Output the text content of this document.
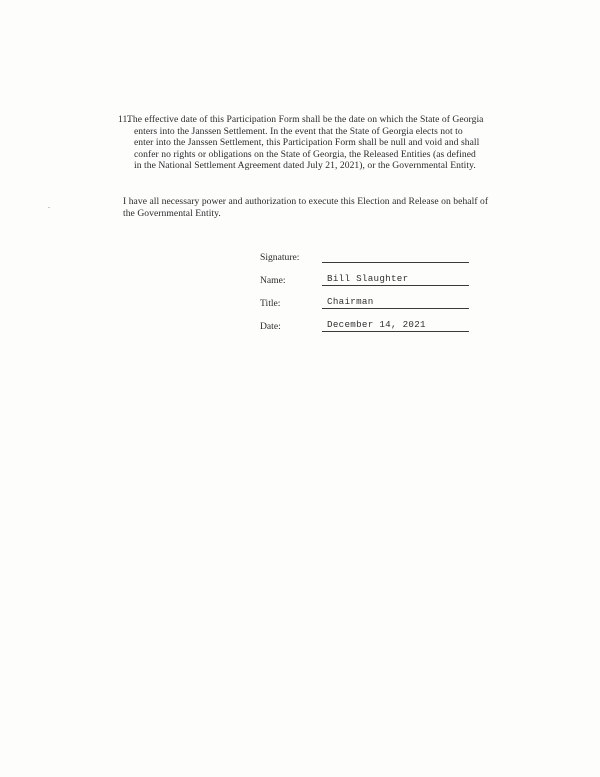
11.
The effective date of this Participation Form shall be the date on which the State of Georgia
enters into the Janssen Settlement. In the event that the State of Georgia elects not to
enter into the Janssen Settlement, this Participation Form shall be null and void and shall
confer no rights or obligations on the State of Georgia, the Released Entities (as defined
in the National Settlement Agreement dated July 21, 2021), or the Governmental Entity.
I have all necessary power and authorization to execute this Election and Release on behalf of
the Governmental Entity.
Signature:
Name:	Bill Slaughter
Title:	Chairman
Date:	December 14, 2021
